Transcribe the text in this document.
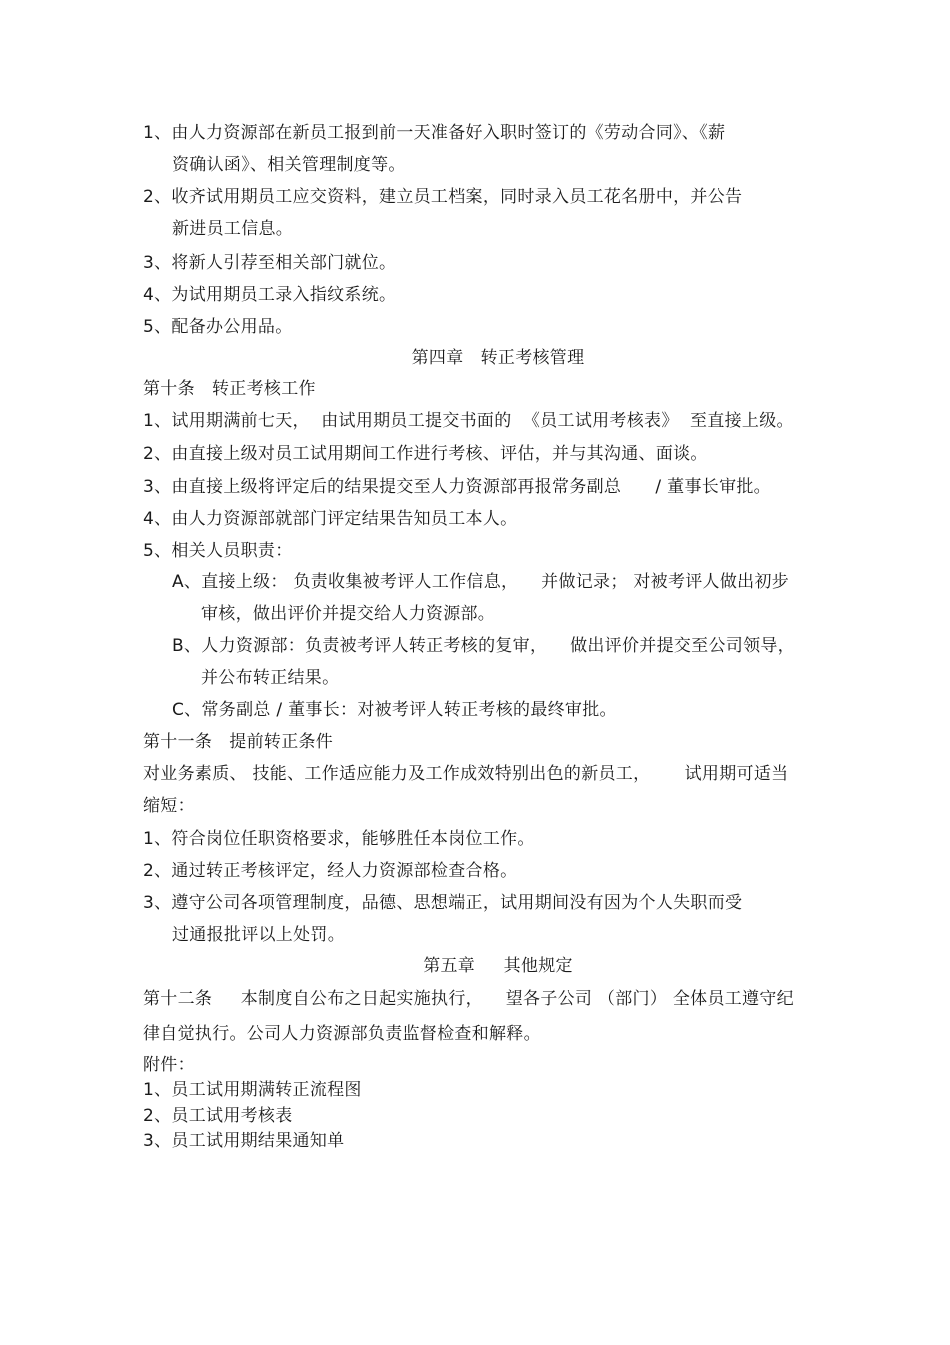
1、由人力资源部在新员工报到前一天准备好入职时签订的《劳动合同》、《薪
资确认函》、相关管理制度等。
2、收齐试用期员工应交资料，建立员工档案，同时录入员工花名册中，并公告
新进员工信息。
3、将新人引荐至相关部门就位。
4、为试用期员工录入指纹系统。
5、配备办公用品。
第四章   转正考核管理
第十条   转正考核工作
1、试用期满前七天，  由试用期员工提交书面的  《员工试用考核表》  至直接上级。
2、由直接上级对员工试用期间工作进行考核、评估，并与其沟通、面谈。
3、由直接上级将评定后的结果提交至人力资源部再报常务副总      / 董事长审批。
4、由人力资源部就部门评定结果告知员工本人。
5、相关人员职责：
A、直接上级： 负责收集被考评人工作信息，    并做记录； 对被考评人做出初步
审核，做出评价并提交给人力资源部。
B、人力资源部：负责被考评人转正考核的复审，    做出评价并提交至公司领导，
并公布转正结果。
C、常务副总 / 董事长：对被考评人转正考核的最终审批。
第十一条   提前转正条件
对业务素质、 技能、工作适应能力及工作成效特别出色的新员工，      试用期可适当
缩短：
1、符合岗位任职资格要求，能够胜任本岗位工作。
2、通过转正考核评定，经人力资源部检查合格。
3、遵守公司各项管理制度，品德、思想端正，试用期间没有因为个人失职而受
过通报批评以上处罚。
第五章     其他规定
第十二条     本制度自公布之日起实施执行，    望各子公司 （部门） 全体员工遵守纪
律自觉执行。公司人力资源部负责监督检查和解释。
附件：
1、员工试用期满转正流程图
2、员工试用考核表
3、员工试用期结果通知单
